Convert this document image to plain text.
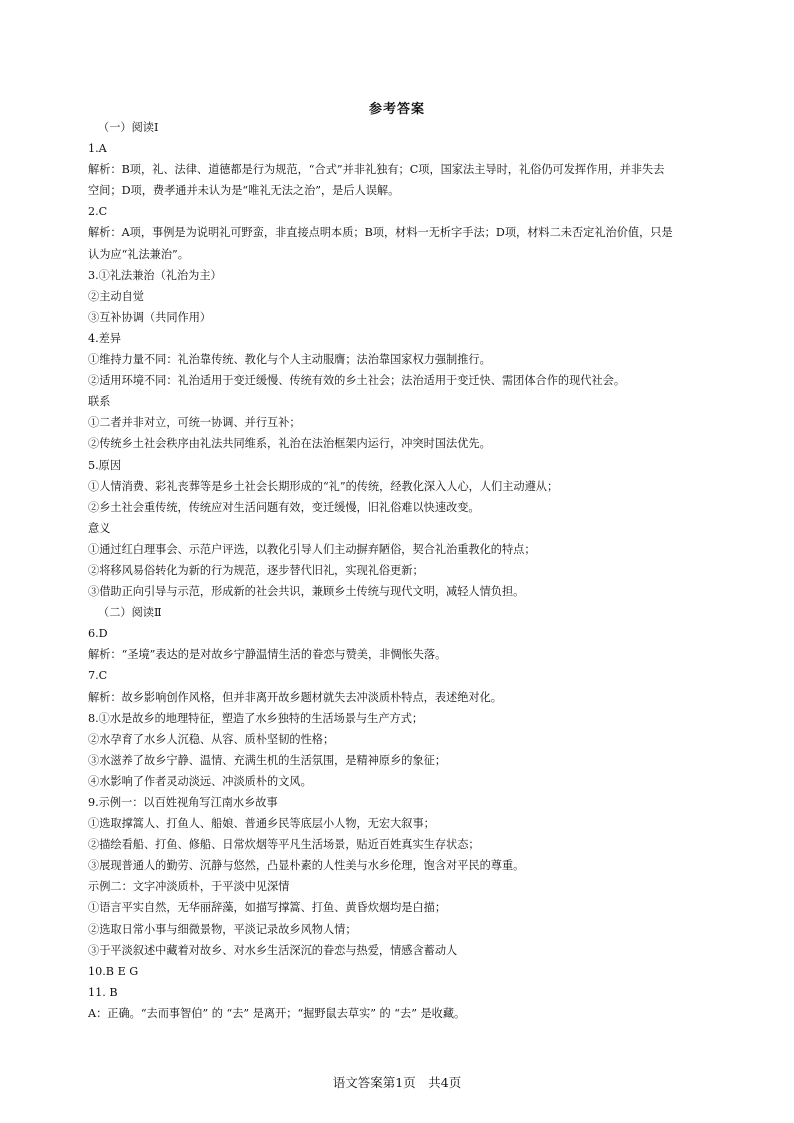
参考答案
（一）阅读Ⅰ
1.A
解析：B项，礼、法律、道德都是行为规范，“合式”并非礼独有；C项，国家法主导时，礼俗仍可发挥作用，并非失去
空间；D项，费孝通并未认为是“唯礼无法之治”，是后人误解。
2.C
解析：A项，事例是为说明礼可野蛮，非直接点明本质；B项，材料一无析字手法；D项，材料二未否定礼治价值，只是
认为应“礼法兼治”。
3.①礼法兼治（礼治为主）
②主动自觉
③互补协调（共同作用）
4.差异
①维持力量不同：礼治靠传统、教化与个人主动服膺；法治靠国家权力强制推行。
②适用环境不同：礼治适用于变迁缓慢、传统有效的乡土社会；法治适用于变迁快、需团体合作的现代社会。
联系
①二者并非对立，可统一协调、并行互补；
②传统乡土社会秩序由礼法共同维系，礼治在法治框架内运行，冲突时国法优先。
5.原因
①人情消费、彩礼丧葬等是乡土社会长期形成的“礼”的传统，经教化深入人心，人们主动遵从；
②乡土社会重传统，传统应对生活问题有效，变迁缓慢，旧礼俗难以快速改变。
意义
①通过红白理事会、示范户评选，以教化引导人们主动摒弃陋俗，契合礼治重教化的特点；
②将移风易俗转化为新的行为规范，逐步替代旧礼，实现礼俗更新；
③借助正向引导与示范，形成新的社会共识，兼顾乡土传统与现代文明，减轻人情负担。
（二）阅读Ⅱ
6.D
解析：“圣境”表达的是对故乡宁静温情生活的眷恋与赞美，非惆怅失落。
7.C
解析：故乡影响创作风格，但并非离开故乡题材就失去冲淡质朴特点，表述绝对化。
8.①水是故乡的地理特征，塑造了水乡独特的生活场景与生产方式；
②水孕育了水乡人沉稳、从容、质朴坚韧的性格；
③水滋养了故乡宁静、温情、充满生机的生活氛围，是精神原乡的象征；
④水影响了作者灵动淡远、冲淡质朴的文风。
9.示例一：以百姓视角写江南水乡故事
①选取撑篙人、打鱼人、船娘、普通乡民等底层小人物，无宏大叙事；
②描绘看船、打鱼、修船、日常炊烟等平凡生活场景，贴近百姓真实生存状态；
③展现普通人的勤劳、沉静与悠然，凸显朴素的人性美与水乡伦理，饱含对平民的尊重。
示例二：文字冲淡质朴，于平淡中见深情
①语言平实自然，无华丽辞藻，如描写撑篙、打鱼、黄昏炊烟均是白描；
②选取日常小事与细微景物，平淡记录故乡风物人情；
③于平淡叙述中藏着对故乡、对水乡生活深沉的眷恋与热爱，情感含蓄动人
10.B E G
11. B
A：正确。“去而事智伯” 的 “去” 是离开；“掘野鼠去草实” 的 “去” 是收藏。
语文答案第1页　共4页
